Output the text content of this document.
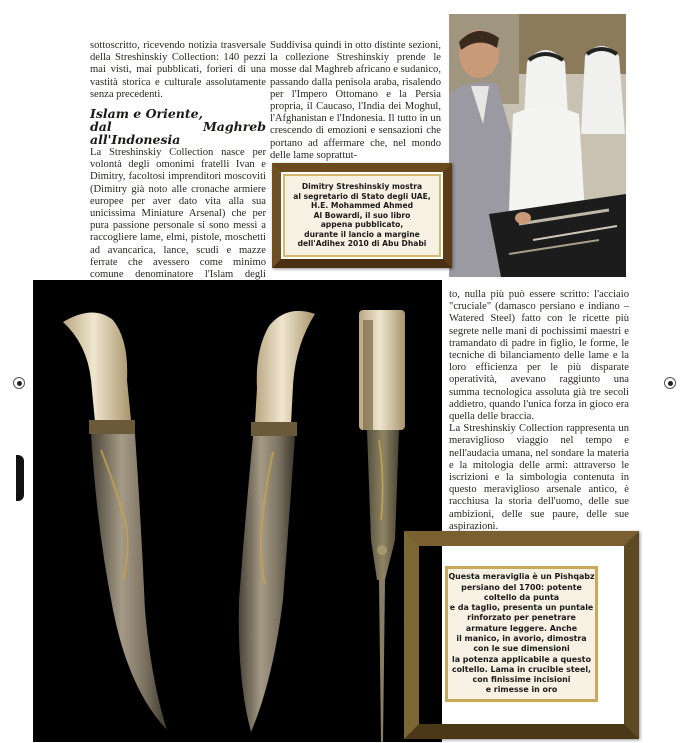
sottoscritto, ricevendo notizia trasversale della Streshinskiy Collection: 140 pezzi mai visti, mai pubblicati, forieri di una vastità storica e culturale assolutamente senza precedenti.

Islam e Oriente,
dal Maghreb all'Indonesia

La Streshinskiy Collection nasce per volontà degli omonimi fratelli Ivan e Dimitry, facoltosi imprenditori moscoviti (Dimitry già noto alle cronache armiere europee per aver dato vita alla sua unicissima Miniature Arsenal) che per pura passione personale si sono messi a raccogliere lame, elmi, pistole, moschetti ad avancarica, lance, scudi e mazze ferrate che avessero come minimo comune denominatore l'Islam degli

Suddivisa quindi in otto distinte sezioni, la collezione Streshinskiy prende le mosse dal Maghreb africano e sudanico, passando dalla penisola araba, risalendo per l'Impero Ottomano e la Persia propria, il Caucaso, l'India dei Moghul, l'Afghanistan e l'Indonesia. Il tutto in un crescendo di emozioni e sensazioni che portano ad affermare che, nel mondo delle lame soprattut-

Dimitry Streshinskiy mostra
al segretario di Stato degli UAE,
H.E. Mohammed Ahmed
Al Bowardi, il suo libro
appena pubblicato,
durante il lancio a margine
dell'Adihex 2010 di Abu Dhabi

to, nulla più può essere scritto: l'acciaio "cruciale" (damasco persiano e indiano – Watered Steel) fatto con le ricette più segrete nelle mani di pochissimi maestri e tramandato di padre in figlio, le forme, le tecniche di bilanciamento delle lame e la loro efficienza per le più disparate operatività, avevano raggiunto una summa tecnologica assoluta già tre secoli addietro, quando l'unica forza in gioco era quella delle braccia.

La Streshinskiy Collection rappresenta un meraviglioso viaggio nel tempo e nell'audacia umana, nel sondare la materia e la mitologia delle armi: attraverso le iscrizioni e la simbologia contenuta in questo meraviglioso arsenale antico, è racchiusa la storia dell'uomo, delle sue ambizioni, delle sue paure, delle sue aspirazioni.

Questa meraviglia è un Pishqabz
persiano del 1700: potente
coltello da punta
e da taglio, presenta un puntale
rinforzato per penetrare
armature leggere. Anche
il manico, in avorio, dimostra
con le sue dimensioni
la potenza applicabile a questo
coltello. Lama in crucible steel,
con finissime incisioni
e rimesse in oro
